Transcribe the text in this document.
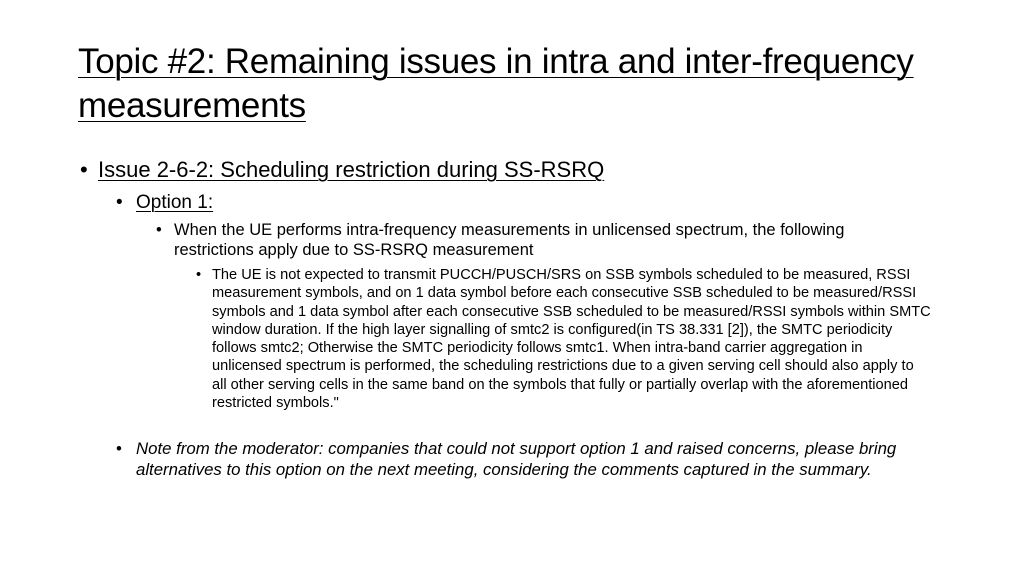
Topic #2: Remaining issues in intra and inter-frequency measurements
• Issue 2-6-2: Scheduling restriction during SS-RSRQ
• Option 1:
• When the UE performs intra-frequency measurements in unlicensed spectrum, the following restrictions apply due to SS-RSRQ measurement
• The UE is not expected to transmit PUCCH/PUSCH/SRS on SSB symbols scheduled to be measured, RSSI measurement symbols, and on 1 data symbol before each consecutive SSB scheduled to be measured/RSSI symbols and 1 data symbol after each consecutive SSB scheduled to be measured/RSSI symbols within SMTC window duration. If the high layer signalling of smtc2 is configured(in TS 38.331 [2]), the SMTC periodicity follows smtc2; Otherwise the SMTC periodicity follows smtc1. When intra-band carrier aggregation in unlicensed spectrum is performed, the scheduling restrictions due to a given serving cell should also apply to all other serving cells in the same band on the symbols that fully or partially overlap with the aforementioned restricted symbols."
• Note from the moderator: companies that could not support option 1 and raised concerns, please bring alternatives to this option on the next meeting, considering the comments captured in the summary.
